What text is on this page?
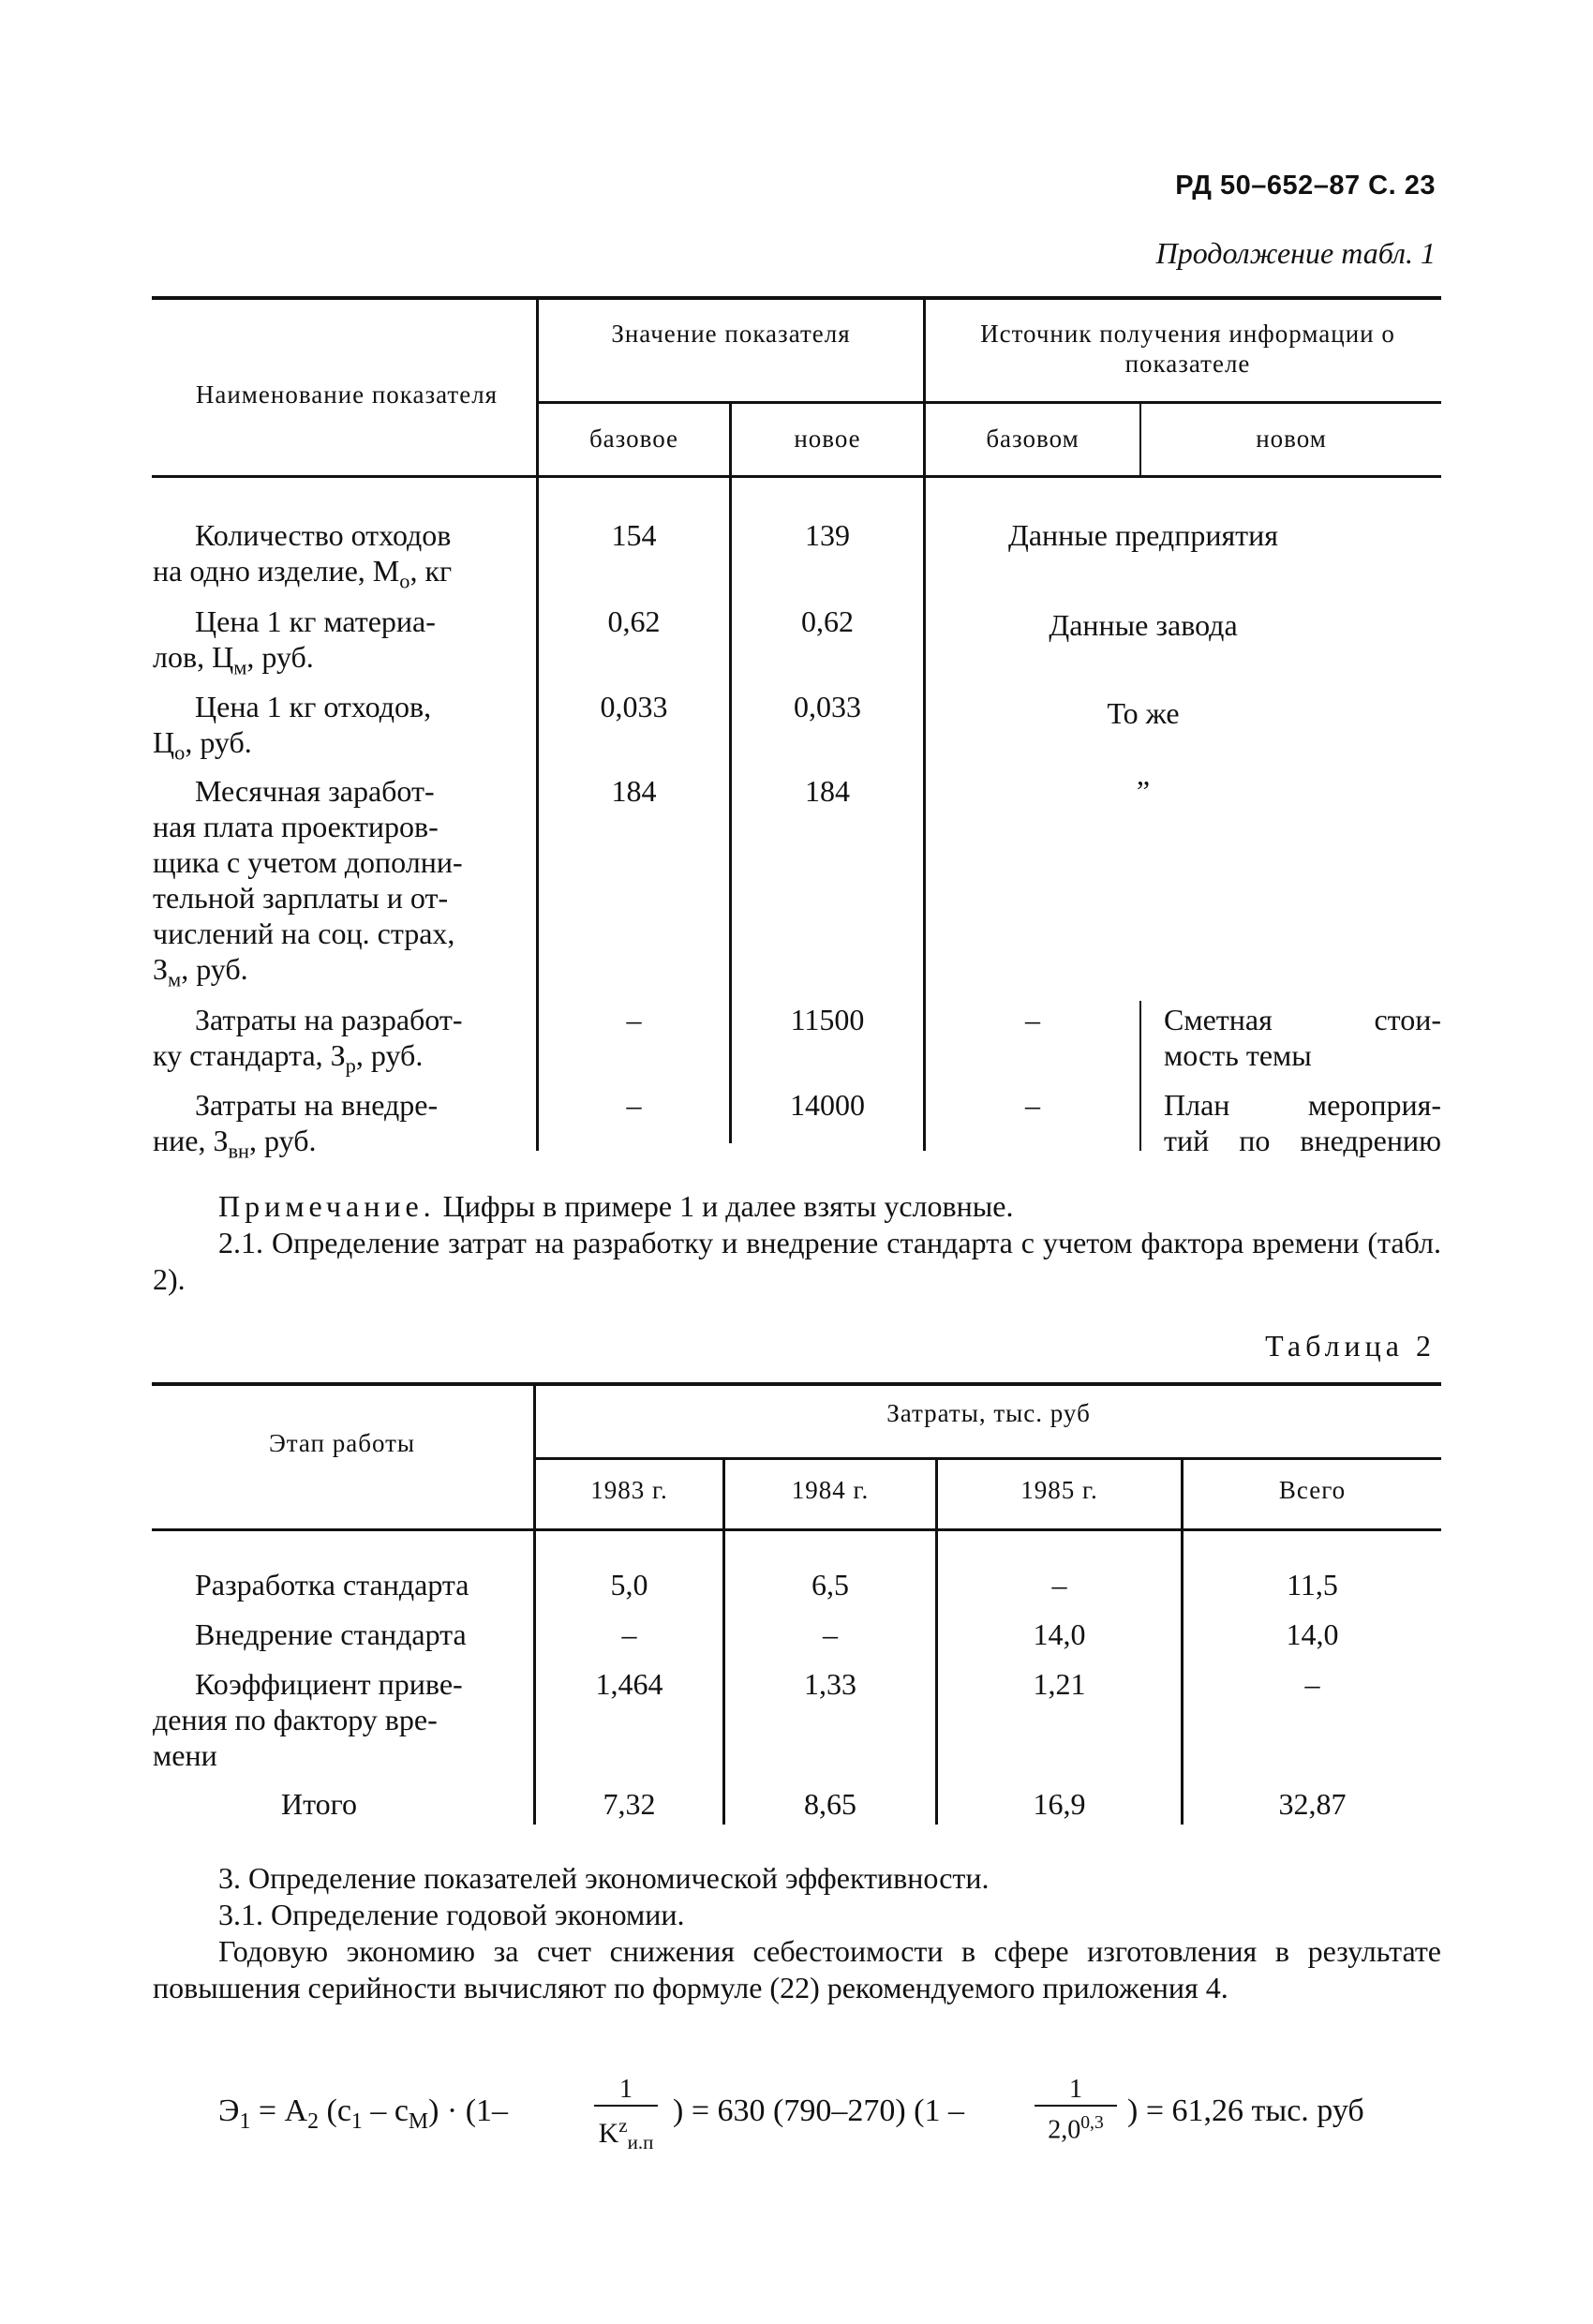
РД 50–652–87 С. 23
Продолжение табл. 1
Наименование показателя
Значение показателя	Источник получения информации о показателе
базовое	новое	базовом	новом
Количество отходов
на одно изделие, $M_о$, кг
154	139	Данные предприятия
Цена 1 кг материа-
лов, $Ц_м$, руб.
0,62	0,62	Данные завода
Цена 1 кг отходов,
$Ц_о$, руб.
0,033	0,033	То же
Месячная заработ-
ная плата проектиров-
щика с учетом дополни-
тельной зарплаты и от-
числений на соц. страх,
$З_м$, руб.
184	184	”
Затраты на разработ-
ку стандарта, $З_р$, руб.
–	11500	–	Сметная стои-
мость темы
Затраты на внедре-
ние, $З_{вн}$, руб.
–	14000	–	План мероприя-
тий по внедрению
Примечание. Цифры в примере 1 и далее взяты условные.
2.1. Определение затрат на разработку и внедрение стандарта с учетом фактора времени (табл. 2).
Таблица 2
Этап работы
Затраты, тыс. руб
1983 г.	1984 г.	1985 г.	Всего
Разработка стандарта	5,0	6,5	–	11,5
Внедрение стандарта	–	–	14,0	14,0
Коэффициент приве-
дения по фактору вре-
мени
1,464	1,33	1,21	–
Итого	7,32	8,65	16,9	32,87
3. Определение показателей экономической эффективности.
3.1. Определение годовой экономии.
Годовую экономию за счет снижения себестоимости в сфере изготовления в результате повышения серийности вычисляют по формуле (22) рекомендуемого приложения 4.
$Э_1 = A_2$ $(c_1 - c_М) \cdot (1-$
1
$K^z_{и.п}$
) = 630 (790–270) (1 –
1
2,0$^{0,3}$ ) = 61,26 тыс. руб
